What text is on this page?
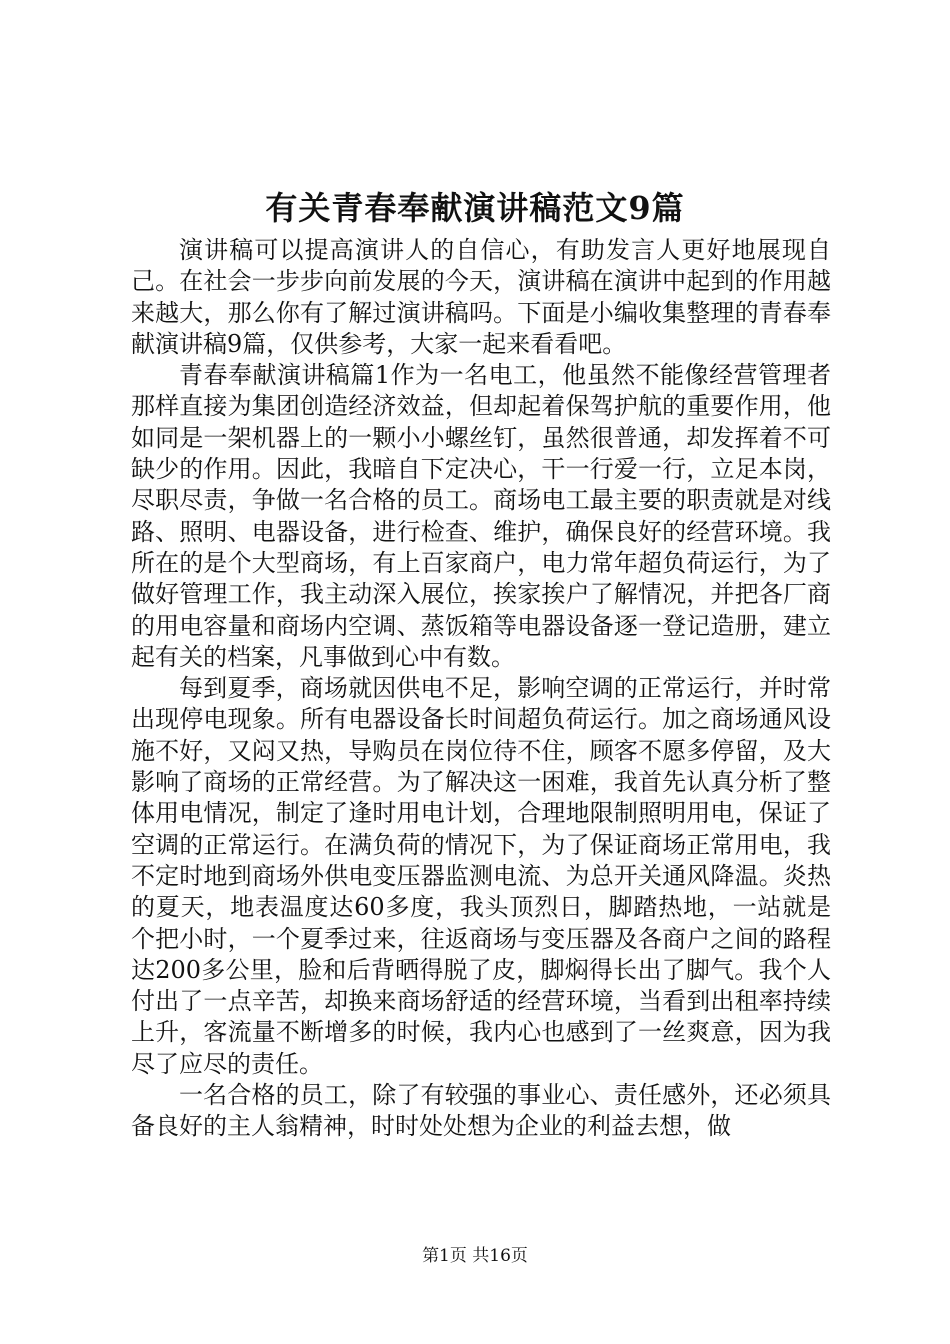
有关青春奉献演讲稿范文9篇

演讲稿可以提高演讲人的自信心，有助发言人更好地展现自己。在社会一步步向前发展的今天，演讲稿在演讲中起到的作用越来越大，那么你有了解过演讲稿吗。下面是小编收集整理的青春奉献演讲稿9篇，仅供参考，大家一起来看看吧。

青春奉献演讲稿篇1作为一名电工，他虽然不能像经营管理者那样直接为集团创造经济效益，但却起着保驾护航的重要作用，他如同是一架机器上的一颗小小螺丝钉，虽然很普通，却发挥着不可缺少的作用。因此，我暗自下定决心，干一行爱一行，立足本岗，尽职尽责，争做一名合格的员工。商场电工最主要的职责就是对线路、照明、电器设备，进行检查、维护，确保良好的经营环境。我所在的是个大型商场，有上百家商户，电力常年超负荷运行，为了做好管理工作，我主动深入展位，挨家挨户了解情况，并把各厂商的用电容量和商场内空调、蒸饭箱等电器设备逐一登记造册，建立起有关的档案，凡事做到心中有数。

每到夏季，商场就因供电不足，影响空调的正常运行，并时常出现停电现象。所有电器设备长时间超负荷运行。加之商场通风设施不好，又闷又热，导购员在岗位待不住，顾客不愿多停留，及大影响了商场的正常经营。为了解决这一困难，我首先认真分析了整体用电情况，制定了逢时用电计划，合理地限制照明用电，保证了空调的正常运行。在满负荷的情况下，为了保证商场正常用电，我不定时地到商场外供电变压器监测电流、为总开关通风降温。炎热的夏天，地表温度达60多度，我头顶烈日，脚踏热地，一站就是个把小时，一个夏季过来，往返商场与变压器及各商户之间的路程达200多公里，脸和后背晒得脱了皮，脚焖得长出了脚气。我个人付出了一点辛苦，却换来商场舒适的经营环境，当看到出租率持续上升，客流量不断增多的时候，我内心也感到了一丝爽意，因为我尽了应尽的责任。

一名合格的员工，除了有较强的事业心、责任感外，还必须具备良好的主人翁精神，时时处处想为企业的利益去想，做

第1页 共16页
